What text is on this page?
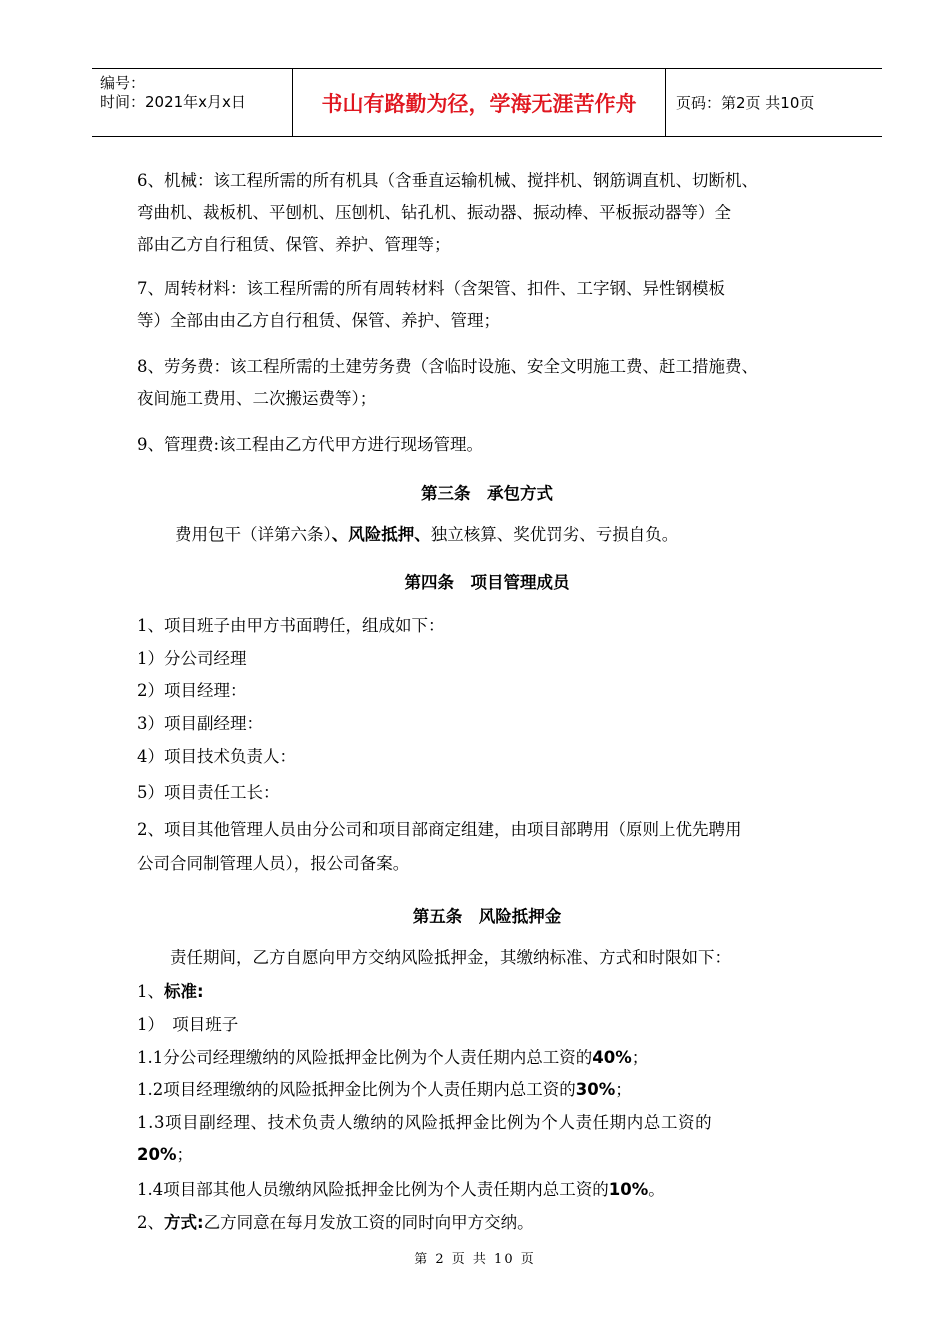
编号：
时间：2021年x月x日	书山有路勤为径，学海无涯苦作舟	页码：第2页 共10页
6、机械：该工程所需的所有机具（含垂直运输机械、搅拌机、钢筋调直机、切断机、
弯曲机、裁板机、平刨机、压刨机、钻孔机、振动器、振动棒、平板振动器等）全
部由乙方自行租赁、保管、养护、管理等；
7、周转材料：该工程所需的所有周转材料（含架管、扣件、工字钢、异性钢模板
等）全部由由乙方自行租赁、保管、养护、管理；
8、劳务费：该工程所需的土建劳务费（含临时设施、安全文明施工费、赶工措施费、
夜间施工费用、二次搬运费等）；
9、管理费:该工程由乙方代甲方进行现场管理。
第三条　承包方式
费用包干（详第六条）、风险抵押、独立核算、奖优罚劣、亏损自负。
第四条　项目管理成员
1、项目班子由甲方书面聘任，组成如下：
1）分公司经理
2）项目经理：
3）项目副经理：
4）项目技术负责人：
5）项目责任工长：
2、项目其他管理人员由分公司和项目部商定组建，由项目部聘用（原则上优先聘用
公司合同制管理人员），报公司备案。
第五条　风险抵押金
责任期间，乙方自愿向甲方交纳风险抵押金，其缴纳标准、方式和时限如下：
1、标准:
1）　项目班子
1.1分公司经理缴纳的风险抵押金比例为个人责任期内总工资的40%；
1.2项目经理缴纳的风险抵押金比例为个人责任期内总工资的30%；
1.3项目副经理、技术负责人缴纳的风险抵押金比例为个人责任期内总工资的
20%；
1.4项目部其他人员缴纳风险抵押金比例为个人责任期内总工资的10%。
2、方式:乙方同意在每月发放工资的同时向甲方交纳。
第 2 页 共 10 页
